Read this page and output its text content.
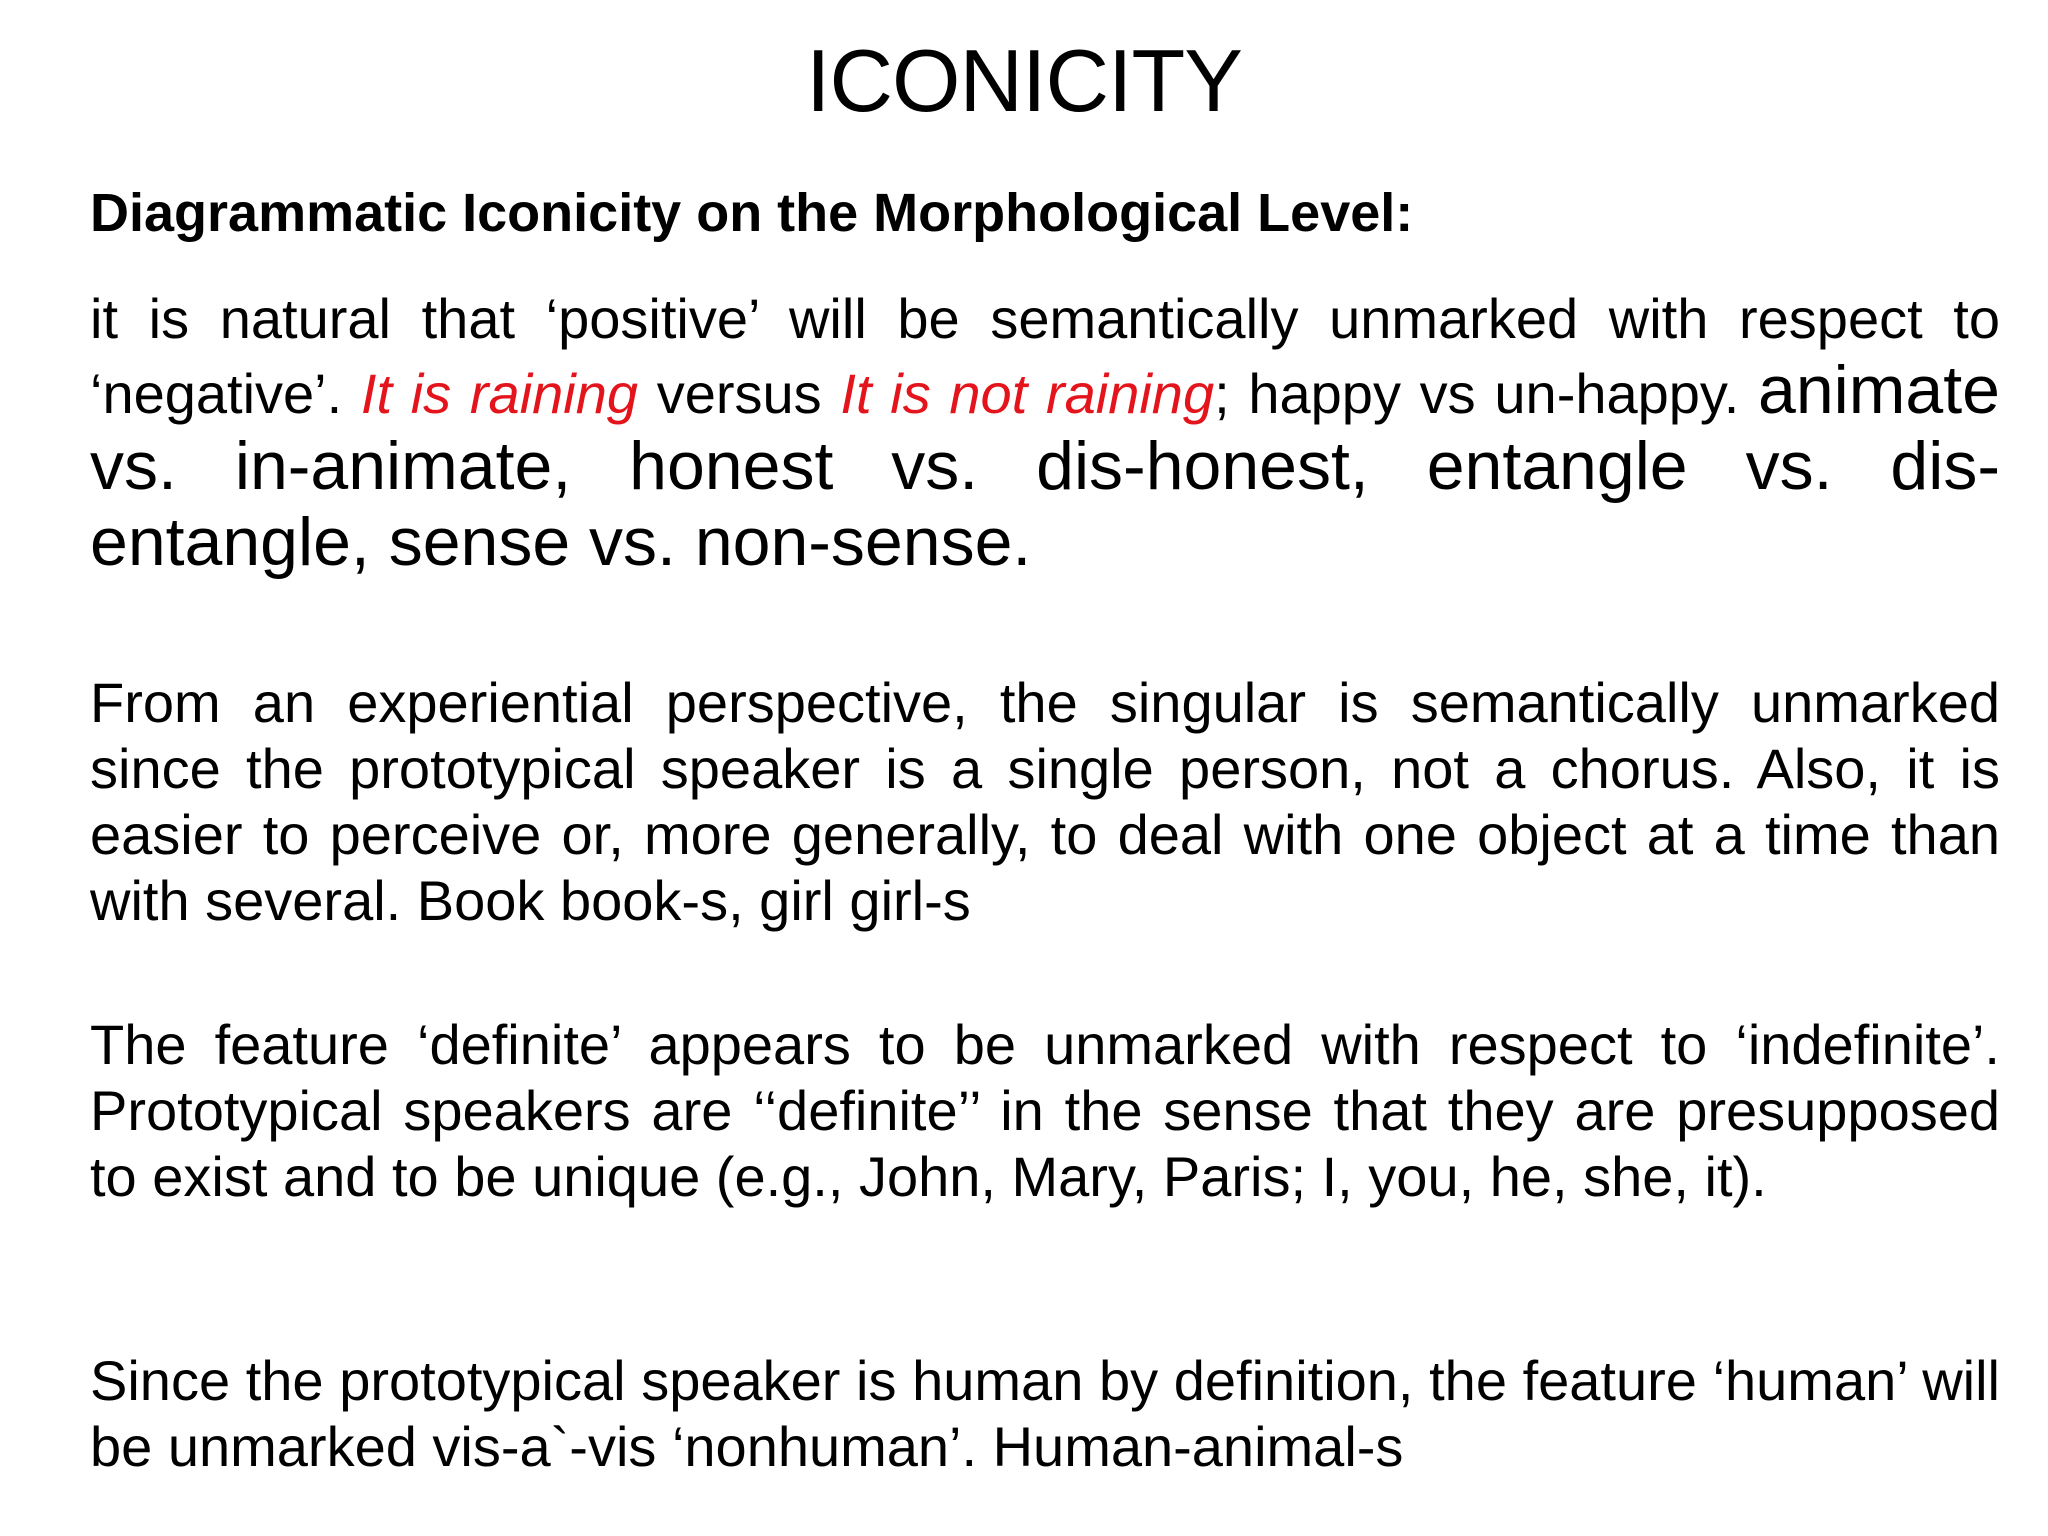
ICONICITY
Diagrammatic Iconicity on the Morphological Level:
it is natural that ‘positive’ will be semantically unmarked with respect to ‘negative’. It is raining versus It is not raining; happy vs un-happy. animate vs. in-animate, honest vs. dis-honest, entangle vs. dis-entangle, sense vs. non-sense.
From an experiential perspective, the singular is semantically unmarked since the prototypical speaker is a single person, not a chorus. Also, it is easier to perceive or, more generally, to deal with one object at a time than with several. Book book-s, girl girl-s
The feature ‘definite’ appears to be unmarked with respect to ‘indefinite’. Prototypical speakers are ‘‘definite’’ in the sense that they are presupposed to exist and to be unique (e.g., John, Mary, Paris; I, you, he, she, it).
Since the prototypical speaker is human by definition, the feature ‘human’ will be unmarked vis-a`-vis ‘nonhuman’. Human-animal-s
